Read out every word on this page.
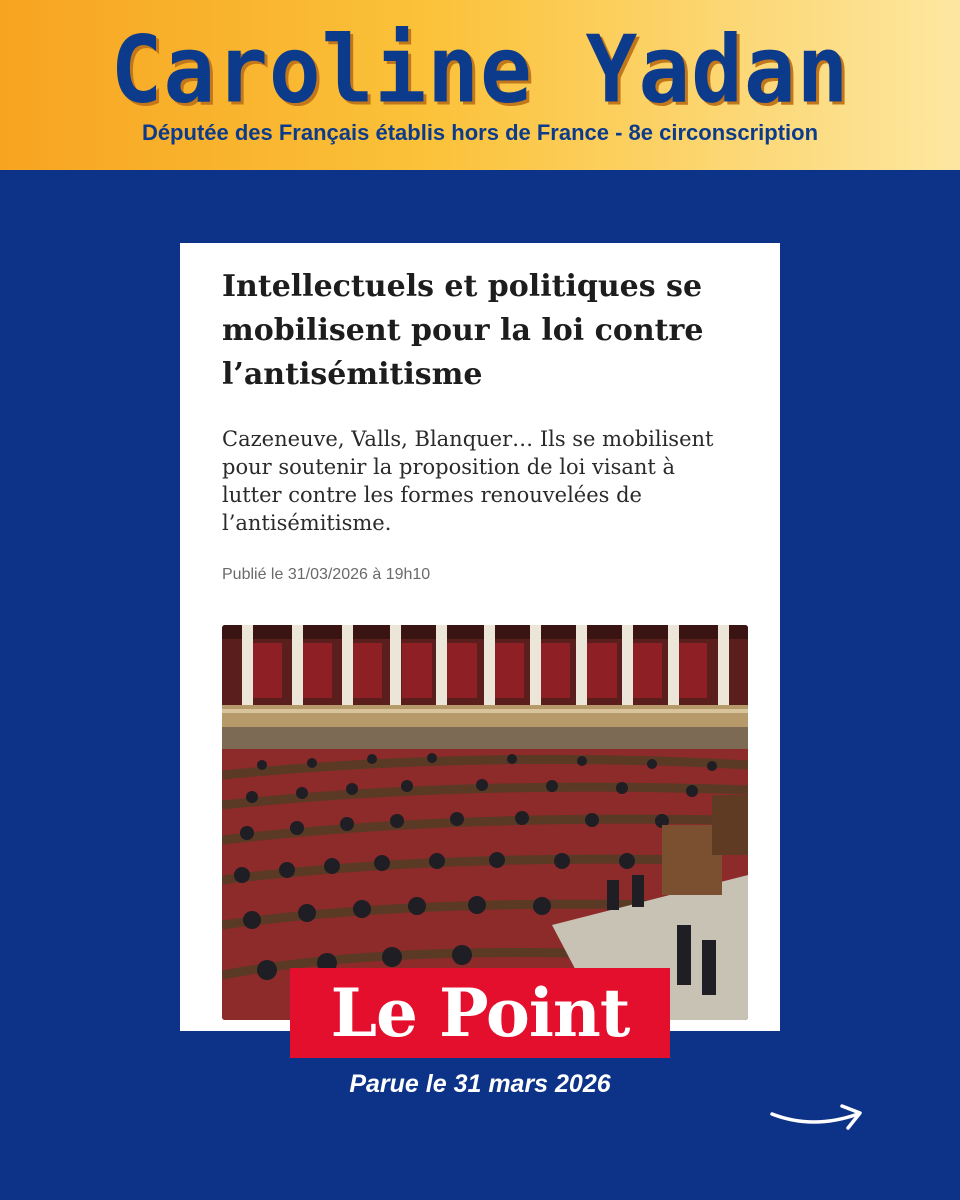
Caroline Yadan
Députée des Français établis hors de France - 8e circonscription
Intellectuels et politiques se
mobilisent pour la loi contre
l’antisémitisme

Cazeneuve, Valls, Blanquer… Ils se mobilisent
pour soutenir la proposition de loi visant à
lutter contre les formes renouvelées de
l’antisémitisme.

Publié le 31/03/2026 à 19h10
Le Point
Parue le 31 mars 2026
